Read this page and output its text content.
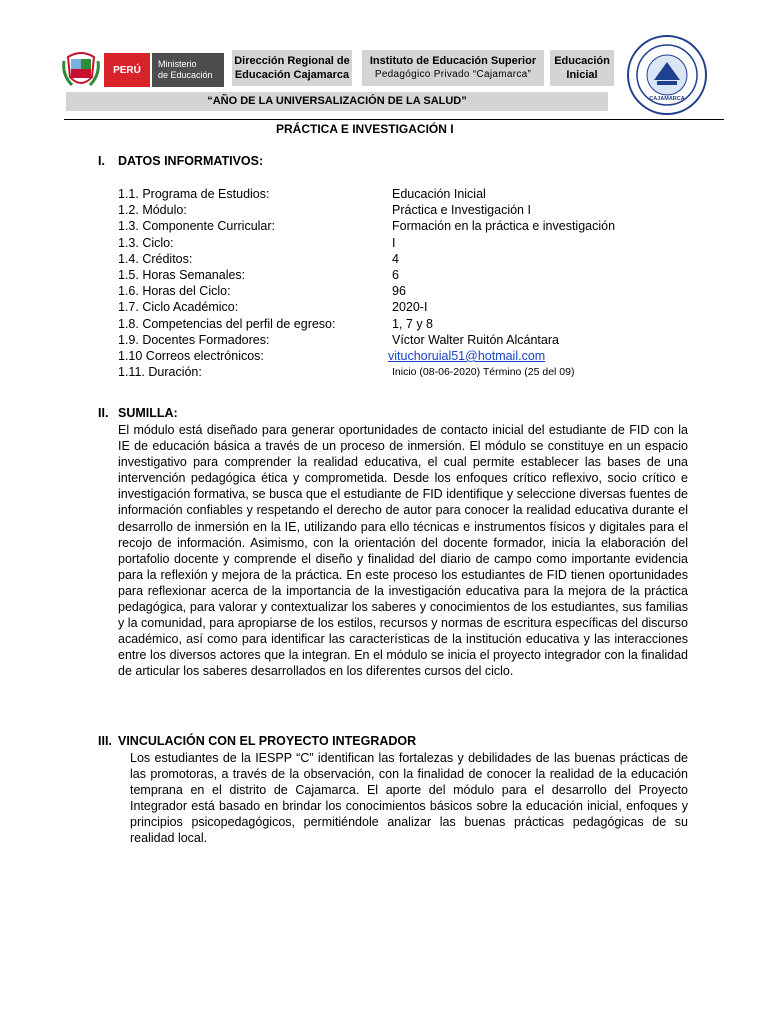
PERÚ
Ministerio
de Educación
Dirección Regional de
Educación Cajamarca
Instituto de Educación Superior
Pedagógico Privado “Cajamarca”
Educación
Inicial
CAJAMARCA
“AÑO DE LA UNIVERSALIZACIÓN DE LA SALUD”
PRÁCTICA E INVESTIGACIÓN I
I. DATOS INFORMATIVOS:
1.1. Programa de Estudios:	Educación Inicial
1.2. Módulo:	Práctica e Investigación I
1.3. Componente Curricular:	Formación en la práctica e investigación
1.3. Ciclo:	I
1.4. Créditos:	4
1.5. Horas Semanales:	6
1.6. Horas del Ciclo:	96
1.7. Ciclo Académico:	2020-I
1.8. Competencias del perfil de egreso:	1, 7 y 8
1.9. Docentes Formadores:	Víctor Walter Ruitón Alcántara
1.10 Correos electrónicos:	vituchoruial51@hotmail.com
1.11. Duración:	Inicio (08-06-2020) Término (25 del 09)
II. SUMILLA:
El módulo está diseñado para generar oportunidades de contacto inicial del estudiante de FID con la IE de educación básica a través de un proceso de inmersión. El módulo se constituye en un espacio investigativo para comprender la realidad educativa, el cual permite establecer las bases de una intervención pedagógica ética y comprometida. Desde los enfoques crítico reflexivo, socio crítico e investigación formativa, se busca que el estudiante de FID identifique y seleccione diversas fuentes de información confiables y respetando el derecho de autor para conocer la realidad educativa durante el desarrollo de inmersión en la IE, utilizando para ello técnicas e instrumentos físicos y digitales para el recojo de información. Asimismo, con la orientación del docente formador, inicia la elaboración del portafolio docente y comprende el diseño y finalidad del diario de campo como importante evidencia para la reflexión y mejora de la práctica. En este proceso los estudiantes de FID tienen oportunidades para reflexionar acerca de la importancia de la investigación educativa para la mejora de la práctica pedagógica, para valorar y contextualizar los saberes y conocimientos de los estudiantes, sus familias y la comunidad, para apropiarse de los estilos, recursos y normas de escritura específicas del discurso académico, así como para identificar las características de la institución educativa y las interacciones entre los diversos actores que la integran. En el módulo se inicia el proyecto integrador con la finalidad de articular los saberes desarrollados en los diferentes cursos del ciclo.
III. VINCULACIÓN CON EL PROYECTO INTEGRADOR
Los estudiantes de la IESPP “C” identifican las fortalezas y debilidades de las buenas prácticas de las promotoras, a través de la observación, con la finalidad de conocer la realidad de la educación temprana en el distrito de Cajamarca. El aporte del módulo para el desarrollo del Proyecto Integrador está basado en brindar los conocimientos básicos sobre la educación inicial, enfoques y principios psicopedagógicos, permitiéndole analizar las buenas prácticas pedagógicas de su realidad local.
